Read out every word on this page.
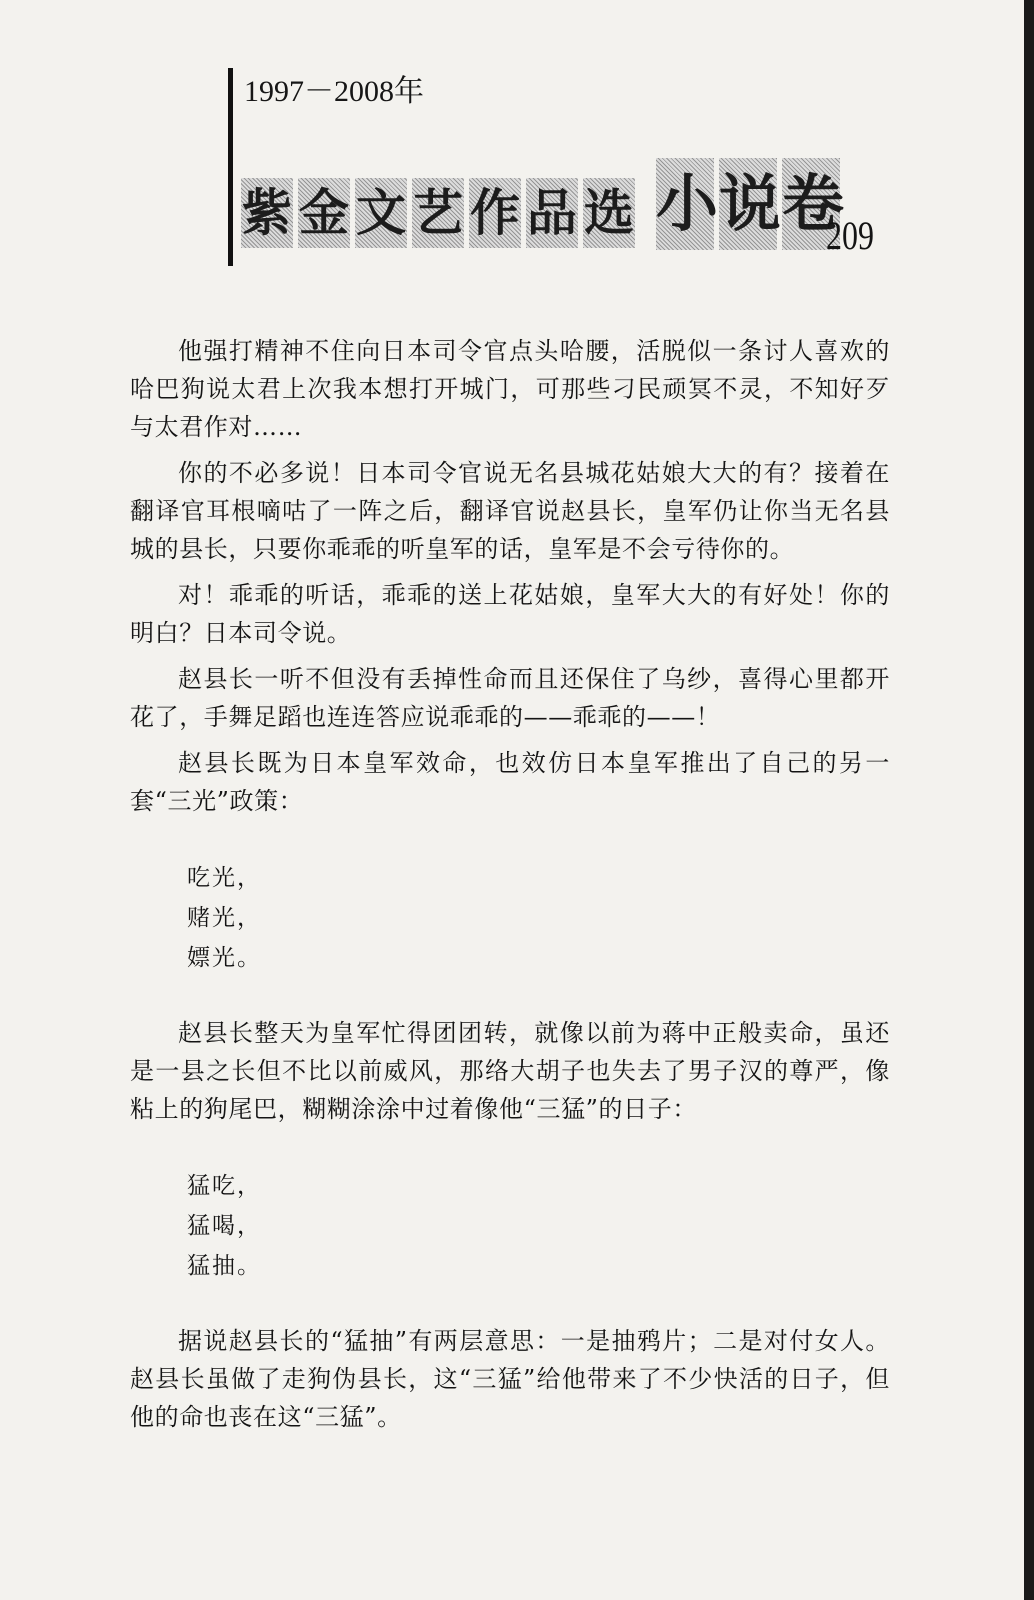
1997－2008年
紫 金 文 艺 作 品 选 小 说 卷
209

他强打精神不住向日本司令官点头哈腰，活脱似一条讨人喜欢的哈巴狗说太君上次我本想打开城门，可那些刁民顽冥不灵，不知好歹与太君作对……

你的不必多说！日本司令官说无名县城花姑娘大大的有？接着在翻译官耳根嘀咕了一阵之后，翻译官说赵县长，皇军仍让你当无名县城的县长，只要你乖乖的听皇军的话，皇军是不会亏待你的。

对！乖乖的听话，乖乖的送上花姑娘，皇军大大的有好处！你的明白？日本司令说。

赵县长一听不但没有丢掉性命而且还保住了乌纱，喜得心里都开花了，手舞足蹈也连连答应说乖乖的——乖乖的——！

赵县长既为日本皇军效命，也效仿日本皇军推出了自己的另一套“三光”政策：

吃光，

赌光，

嫖光。

赵县长整天为皇军忙得团团转，就像以前为蒋中正般卖命，虽还是一县之长但不比以前威风，那络大胡子也失去了男子汉的尊严，像粘上的狗尾巴，糊糊涂涂中过着像他“三猛”的日子：

猛吃，

猛喝，

猛抽。

据说赵县长的“猛抽”有两层意思：一是抽鸦片；二是对付女人。赵县长虽做了走狗伪县长，这“三猛”给他带来了不少快活的日子，但他的命也丧在这“三猛”。
